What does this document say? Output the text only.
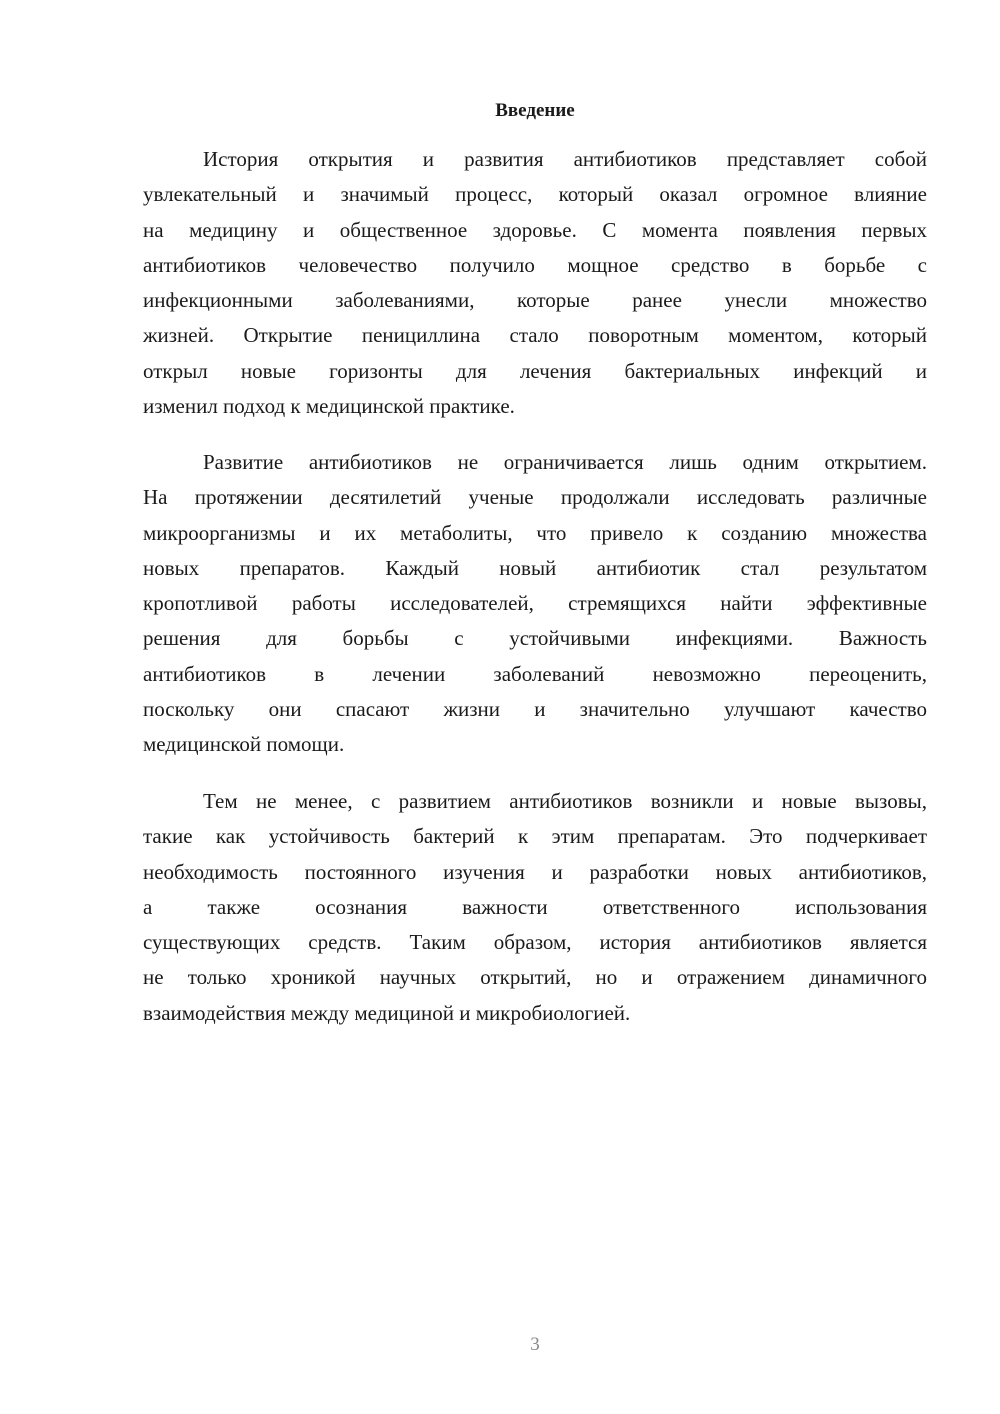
Введение
История открытия и развития антибиотиков представляет собой
увлекательный и значимый процесс, который оказал огромное влияние
на медицину и общественное здоровье. С момента появления первых
антибиотиков человечество получило мощное средство в борьбе с
инфекционными заболеваниями, которые ранее унесли множество
жизней. Открытие пенициллина стало поворотным моментом, который
открыл новые горизонты для лечения бактериальных инфекций и
изменил подход к медицинской практике.
Развитие антибиотиков не ограничивается лишь одним открытием.
На протяжении десятилетий ученые продолжали исследовать различные
микроорганизмы и их метаболиты, что привело к созданию множества
новых препаратов. Каждый новый антибиотик стал результатом
кропотливой работы исследователей, стремящихся найти эффективные
решения для борьбы с устойчивыми инфекциями. Важность
антибиотиков в лечении заболеваний невозможно переоценить,
поскольку они спасают жизни и значительно улучшают качество
медицинской помощи.
Тем не менее, с развитием антибиотиков возникли и новые вызовы,
такие как устойчивость бактерий к этим препаратам. Это подчеркивает
необходимость постоянного изучения и разработки новых антибиотиков,
а также осознания важности ответственного использования
существующих средств. Таким образом, история антибиотиков является
не только хроникой научных открытий, но и отражением динамичного
взаимодействия между медициной и микробиологией.
3
